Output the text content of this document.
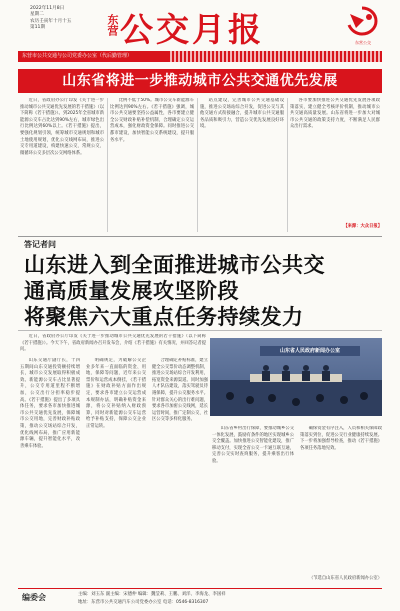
2022年11月8日
星期二
农历壬寅年十月十五
第11期	东营 公交月报	东营公交
东营市公共交通与公司党委办公室（代后勤管理）
山东省将进一步推动城市公共交通优先发展

近日，省政府办公厅印发《关于进一步推动城市公共交通优先发展的若干措施》（以下简称《若干措施》）。到2025年全省城市新能源公交车占比达到90%左右，城市绿色出行比例达到60%以上。《若干措施》提出，要强化规划引领，统筹城市交通规划和城市土地使用规划，优化公交线网布局，推进公交专用道建设，构建快速公交、常规公交、微循环公交多层次公交网络体系。

比例不低于50%。城市公交车新能源车比例达到90%左右。《若干措施》强调，城市公共交通要坚持公益属性，各市要建立健全公交财政补贴补偿机制，合理确定公交运营成本，强化财政资金保障。同时推进公交都市建设，加快智能公交系统建设，提升服务水平。

站点建设，完善城市公共交通基础设施，推进公交场站综合开发，促进公交与其他交通方式衔接融合，提升城市公共交通服务品质和吸引力，营造公交优先发展良好环境。

各市要加快推进公共交通优先发展各项政策落实，建立健全考核评价机制，推动城市公共交通高质量发展。山东省将进一步加大对城市公共交通的政策支持力度，不断满足人民群众出行需求。

【来源：大众日报】
答记者问
山东进入到全面推进城市公共交
通高质量发展攻坚阶段
将聚焦六大重点任务持续发力

近日，省政府办公厅印发《关于进一步推动城市公共交通优先发展的若干措施》（以下简称《若干措施》）。今天下午，省政府新闻办召开发布会，介绍《若干措施》有关情况，并回答记者提问。	山东省人民政府新闻办公室

山东交通厅副厅长，十四五期间山东交通投资额持续增长，城市公交发展取得积极成效。新能源公交车占比显著提升，公交专用道里程不断增加，公交出行分担率稳步提高。《若干措施》提出了多项具体任务，要求各市加快推进城市公共交通优先发展，保障城市公交用地，完善财政补贴政策，推动公交场站综合开发，优化线网布局，推广应用新能源车辆，提升智能化水平，改善乘车体验。

明确规定，为破解公交企业多年来一直面临的资金、用地、保障等问题，近年来公交票价和运营成本倒挂，《若干措施》在财政补贴方面作出规定，要求各市建立公交运营成本规制办法，明确补贴资金来源，将公交补贴纳入财政预算，同时对新能源公交车运营给予补贴支持，保障公交企业正常运转。

合理确定补贴标准，建立健全公交票价动态调整机制，推进公交场站综合开发利用，拓宽资金来源渠道。同时加强人才队伍建设，落实驾驶员待遇保障，提升公交服务水平。针对群众关心的出行难问题，要求各市加密公交线网，延长运营时间，推广定制公交、社区公交等多样化服务。

山东省乡村出行保障，要推动城乡公交一体化发展，鼓励有条件的地区实现城乡公交全覆盖。加快推进公交智能化建设，推广移动支付，实现全省公交一卡通互联互通，完善公交实时查询服务，提升乘客出行体验。

确保资金有序注入，人员和相关保障政策落实到位，促进公交行业健康持续发展。下一步将加强督导检查，推动《若干措施》各项任务落地见效。

（节选自山东省人民政府新闻办公室）
编委会	主编：刘玉东 副主编：宋德仲 编辑：魏莹莉、王鹏、刘洋、李海龙、李国祥
地址：东营市公共交通汽车公司党委办公室 电话：0546-8316307
